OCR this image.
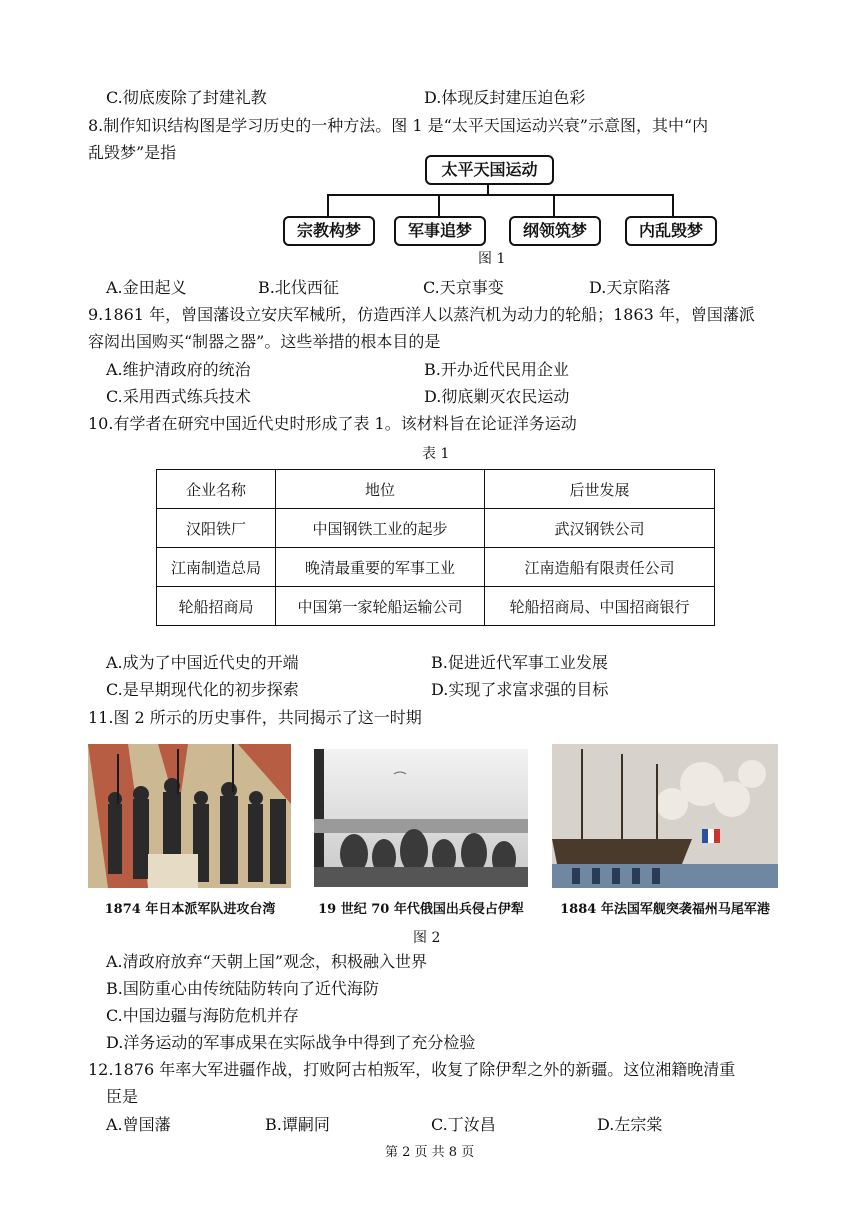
C.彻底废除了封建礼教	D.体现反封建压迫色彩
8.制作知识结构图是学习历史的一种方法。图 1 是“太平天国运动兴衰”示意图，其中“内
乱毁梦”是指
太平天国运动
宗教构梦	军事追梦	纲领筑梦	内乱毁梦
图 1
A.金田起义	B.北伐西征	C.天京事变	D.天京陷落
9.1861 年，曾国藩设立安庆军械所，仿造西洋人以蒸汽机为动力的轮船；1863 年，曾国藩派
容闳出国购买“制器之器”。这些举措的根本目的是
A.维护清政府的统治	B.开办近代民用企业
C.采用西式练兵技术	D.彻底剿灭农民运动
10.有学者在研究中国近代史时形成了表 1。该材料旨在论证洋务运动
表 1
企业名称	地位	后世发展
汉阳铁厂	中国钢铁工业的起步	武汉钢铁公司
江南制造总局	晚清最重要的军事工业	江南造船有限责任公司
轮船招商局	中国第一家轮船运输公司	轮船招商局、中国招商银行
A.成为了中国近代史的开端	B.促进近代军事工业发展
C.是早期现代化的初步探索	D.实现了求富求强的目标
11.图 2 所示的历史事件，共同揭示了这一时期
1874 年日本派军队进攻台湾	19 世纪 70 年代俄国出兵侵占伊犁	1884 年法国军舰突袭福州马尾军港
图 2
A.清政府放弃“天朝上国”观念，积极融入世界
B.国防重心由传统陆防转向了近代海防
C.中国边疆与海防危机并存
D.洋务运动的军事成果在实际战争中得到了充分检验
12.1876 年率大军进疆作战，打败阿古柏叛军，收复了除伊犁之外的新疆。这位湘籍晚清重
臣是
A.曾国藩	B.谭嗣同	C.丁汝昌	D.左宗棠
第 2 页 共 8 页
